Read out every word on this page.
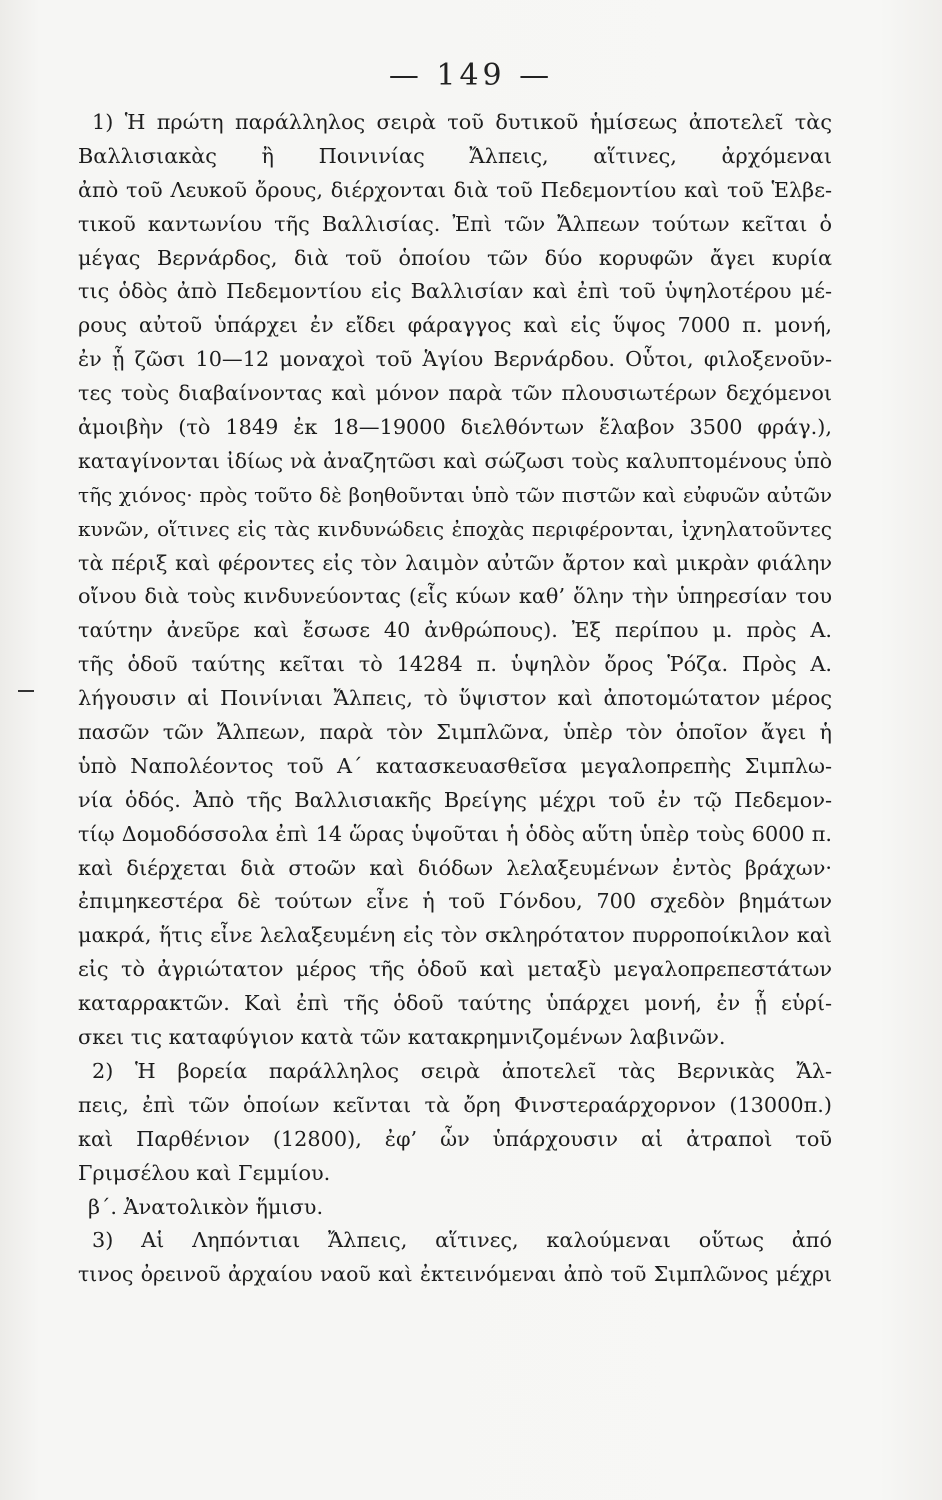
— 149 —
1) Ἡ πρώτη παράλληλος σειρὰ τοῦ δυτικοῦ ἡμίσεως ἀποτελεῖ τὰς
Βαλλισιακὰς ἢ Ποινινίας Ἄλπεις, αἵτινες, ἀρχόμεναι
ἀπὸ τοῦ Λευκοῦ ὄρους, διέρχονται διὰ τοῦ Πεδεμοντίου καὶ τοῦ Ἑλβε-
τικοῦ καντωνίου τῆς Βαλλισίας. Ἐπὶ τῶν Ἄλπεων τούτων κεῖται ὁ
μέγας Βερνάρδος, διὰ τοῦ ὁποίου τῶν δύο κορυφῶν ἄγει κυρία
τις ὁδὸς ἀπὸ Πεδεμοντίου εἰς Βαλλισίαν καὶ ἐπὶ τοῦ ὑψηλοτέρου μέ-
ρους αὐτοῦ ὑπάρχει ἐν εἴδει φάραγγος καὶ εἰς ὕψος 7000 π. μονή,
ἐν ᾗ ζῶσι 10—12 μοναχοὶ τοῦ Ἁγίου Βερνάρδου. Οὗτοι, φιλοξενοῦν-
τες τοὺς διαβαίνοντας καὶ μόνον παρὰ τῶν πλουσιωτέρων δεχόμενοι
ἀμοιβὴν (τὸ 1849 ἐκ 18—19000 διελθόντων ἔλαβον 3500 φράγ.),
καταγίνονται ἰδίως νὰ ἀναζητῶσι καὶ σώζωσι τοὺς καλυπτομένους ὑπὸ
τῆς χιόνος· πρὸς τοῦτο δὲ βοηθοῦνται ὑπὸ τῶν πιστῶν καὶ εὐφυῶν αὐτῶν
κυνῶν, οἵτινες εἰς τὰς κινδυνώδεις ἐποχὰς περιφέρονται, ἰχνηλατοῦντες
τὰ πέριξ καὶ φέροντες εἰς τὸν λαιμὸν αὐτῶν ἄρτον καὶ μικρὰν φιάλην
οἴνου διὰ τοὺς κινδυνεύοντας (εἷς κύων καθ’ ὅλην τὴν ὑπηρεσίαν του
ταύτην ἀνεῦρε καὶ ἔσωσε 40 ἀνθρώπους). Ἐξ περίπου μ. πρὸς Α.
τῆς ὁδοῦ ταύτης κεῖται τὸ 14284 π. ὑψηλὸν ὄρος Ῥόζα. Πρὸς Α.
λήγουσιν αἱ Ποινίνιαι Ἄλπεις, τὸ ὕψιστον καὶ ἀποτομώτατον μέρος
πασῶν τῶν Ἄλπεων, παρὰ τὸν Σιμπλῶνα, ὑπὲρ τὸν ὁποῖον ἄγει ἡ
ὑπὸ Ναπολέοντος τοῦ Α΄ κατασκευασθεῖσα μεγαλοπρεπὴς Σιμπλω-
νία ὁδός. Ἀπὸ τῆς Βαλλισιακῆς Βρείγης μέχρι τοῦ ἐν τῷ Πεδεμον-
τίῳ Δομοδόσσολα ἐπὶ 14 ὥρας ὑψοῦται ἡ ὁδὸς αὕτη ὑπὲρ τοὺς 6000 π.
καὶ διέρχεται διὰ στοῶν καὶ διόδων λελαξευμένων ἐντὸς βράχων·
ἐπιμηκεστέρα δὲ τούτων εἶνε ἡ τοῦ Γόνδου, 700 σχεδὸν βημάτων
μακρά, ἥτις εἶνε λελαξευμένη εἰς τὸν σκληρότατον πυρροποίκιλον καὶ
εἰς τὸ ἀγριώτατον μέρος τῆς ὁδοῦ καὶ μεταξὺ μεγαλοπρεπεστάτων
καταρρακτῶν. Καὶ ἐπὶ τῆς ὁδοῦ ταύτης ὑπάρχει μονή, ἐν ᾗ εὑρί-
σκει τις καταφύγιον κατὰ τῶν κατακρημνιζομένων λαβινῶν.
2) Ἡ βορεία παράλληλος σειρὰ ἀποτελεῖ τὰς Βερνικὰς Ἄλ-
πεις, ἐπὶ τῶν ὁποίων κεῖνται τὰ ὄρη Φινστεραάρχορνον (13000π.)
καὶ Παρθένιον (12800), ἐφ’ ὧν ὑπάρχουσιν αἱ ἀτραποὶ τοῦ
Γριμσέλου καὶ Γεμμίου.
β΄. Ἀνατολικὸν ἥμισυ.
3) Αἱ Ληπόντιαι Ἄλπεις, αἵτινες, καλούμεναι οὕτως ἀπό
τινος ὀρεινοῦ ἀρχαίου ναοῦ καὶ ἐκτεινόμεναι ἀπὸ τοῦ Σιμπλῶνος μέχρι
